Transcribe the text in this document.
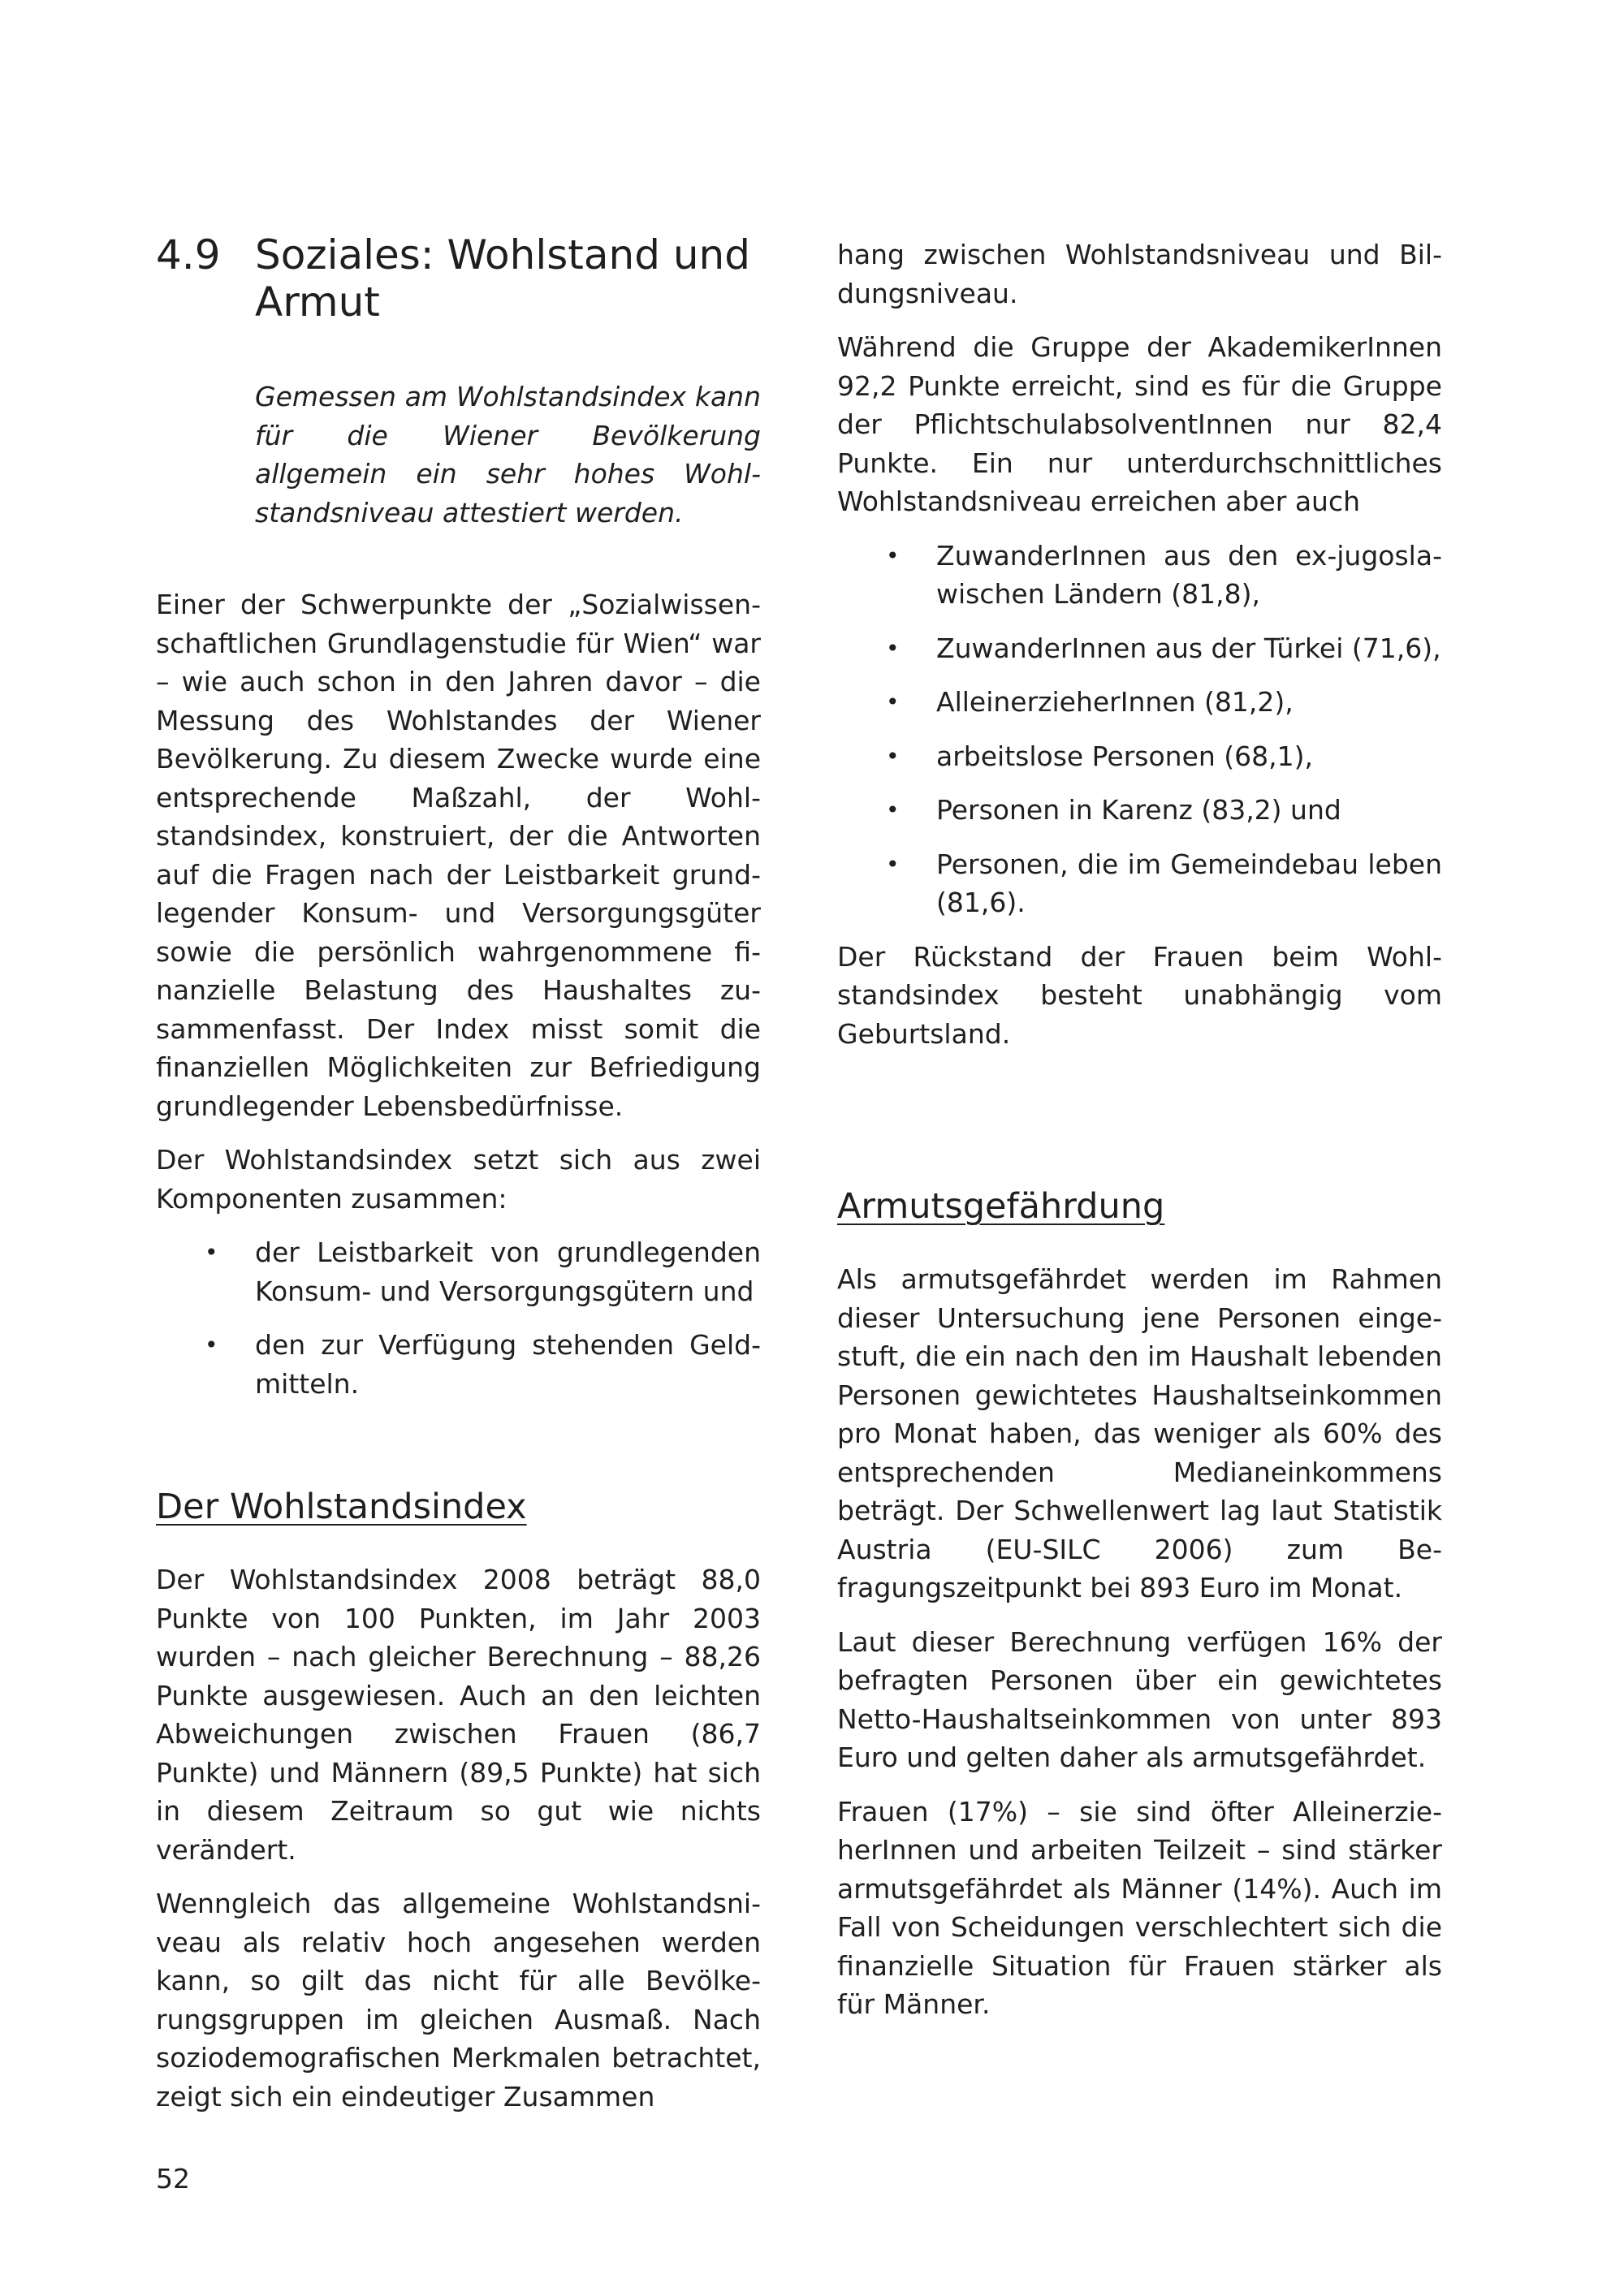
4.9 Soziales: Wohlstand und
Armut

Gemessen am Wohlstandsindex kann für die Wiener Bevölkerung allgemein ein sehr hohes Wohlstandsniveau attestiert werden.

Einer der Schwerpunkte der „Sozialwissenschaftlichen Grundlagenstudie für Wien“ war – wie auch schon in den Jahren davor – die Messung des Wohlstandes der Wiener Bevölkerung. Zu diesem Zwecke wurde eine entsprechende Maßzahl, der Wohlstandsindex, konstruiert, der die Antworten auf die Fragen nach der Leistbarkeit grundlegender Konsum- und Versorgungsgüter sowie die persönlich wahrgenommene finanzielle Belastung des Haushaltes zusammenfasst. Der Index misst somit die finanziellen Möglichkeiten zur Befriedigung grundlegender Lebensbedürfnisse.

Der Wohlstandsindex setzt sich aus zwei Komponenten zusammen:

• der Leistbarkeit von grundlegenden Konsum- und Versorgungsgütern und
• den zur Verfügung stehenden Geldmitteln.
Der Wohlstandsindex

Der Wohlstandsindex 2008 beträgt 88,0 Punkte von 100 Punkten, im Jahr 2003 wurden – nach gleicher Berechnung – 88,26 Punkte ausgewiesen. Auch an den leichten Abweichungen zwischen Frauen (86,7 Punkte) und Männern (89,5 Punkte) hat sich in diesem Zeitraum so gut wie nichts verändert.

Wenngleich das allgemeine Wohlstandsniveau als relativ hoch angesehen werden kann, so gilt das nicht für alle Bevölkerungsgruppen im gleichen Ausmaß. Nach soziodemografischen Merkmalen betrachtet, zeigt sich ein eindeutiger Zusammen

hang zwischen Wohlstandsniveau und Bildungsniveau.

Während die Gruppe der AkademikerInnen 92,2 Punkte erreicht, sind es für die Gruppe der PflichtschulabsolventInnen nur 82,4 Punkte. Ein nur unterdurchschnittliches Wohlstandsniveau erreichen aber auch

• ZuwanderInnen aus den ex-jugoslawischen Ländern (81,8),
• ZuwanderInnen aus der Türkei (71,6),
• AlleinerzieherInnen (81,2),
• arbeitslose Personen (68,1),
• Personen in Karenz (83,2) und
• Personen, die im Gemeindebau leben (81,6).

Der Rückstand der Frauen beim Wohlstandsindex besteht unabhängig vom Geburtsland.

Armutsgefährdung

Als armutsgefährdet werden im Rahmen dieser Untersuchung jene Personen eingestuft, die ein nach den im Haushalt lebenden Personen gewichtetes Haushaltseinkommen pro Monat haben, das weniger als 60% des entsprechenden Medianeinkommens beträgt. Der Schwellenwert lag laut Statistik Austria (EU-SILC 2006) zum Befragungszeitpunkt bei 893 Euro im Monat.

Laut dieser Berechnung verfügen 16% der befragten Personen über ein gewichtetes Netto-Haushaltseinkommen von unter 893 Euro und gelten daher als armutsgefährdet.

Frauen (17%) – sie sind öfter AlleinerzieherInnen und arbeiten Teilzeit – sind stärker armutsgefährdet als Männer (14%). Auch im Fall von Scheidungen verschlechtert sich die finanzielle Situation für Frauen stärker als für Männer.

52
